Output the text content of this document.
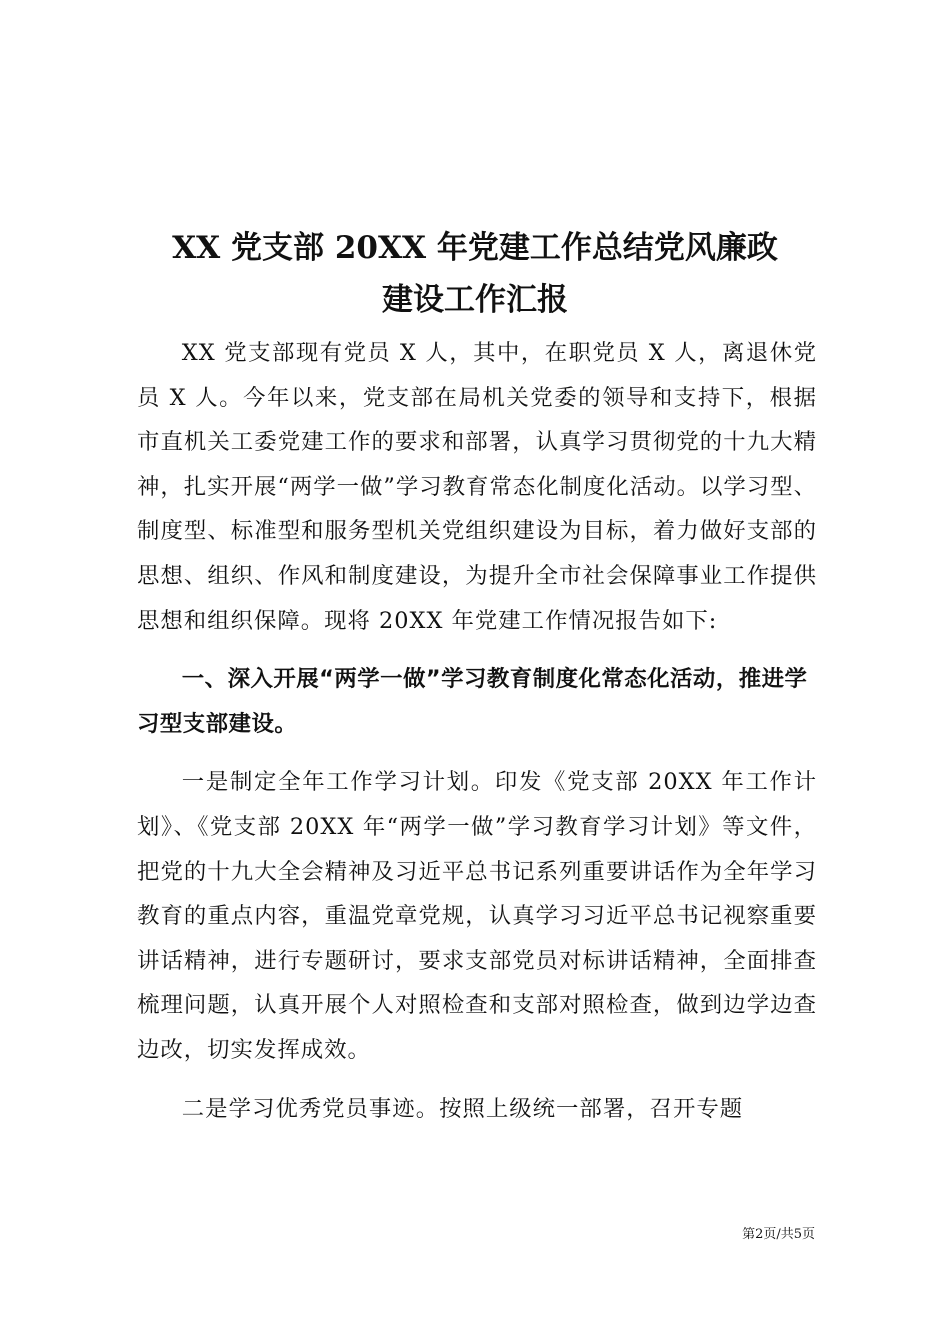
XX 党支部 20XX 年党建工作总结党风廉政
建设工作汇报

XX 党支部现有党员 X 人，其中，在职党员 X 人，离退休党员 X 人。今年以来，党支部在局机关党委的领导和支持下，根据市直机关工委党建工作的要求和部署，认真学习贯彻党的十九大精神，扎实开展“两学一做”学习教育常态化制度化活动。以学习型、制度型、标准型和服务型机关党组织建设为目标，着力做好支部的思想、组织、作风和制度建设，为提升全市社会保障事业工作提供思想和组织保障。现将 20XX 年党建工作情况报告如下:

一、深入开展“两学一做”学习教育制度化常态化活动，推进学习型支部建设。

一是制定全年工作学习计划。印发《党支部 20XX 年工作计划》、《党支部 20XX 年“两学一做”学习教育学习计划》等文件，把党的十九大全会精神及习近平总书记系列重要讲话作为全年学习教育的重点内容，重温党章党规，认真学习习近平总书记视察重要讲话精神，进行专题研讨，要求支部党员对标讲话精神，全面排查梳理问题，认真开展个人对照检查和支部对照检查，做到边学边查边改，切实发挥成效。

二是学习优秀党员事迹。按照上级统一部署，召开专题

第2页/共5页
